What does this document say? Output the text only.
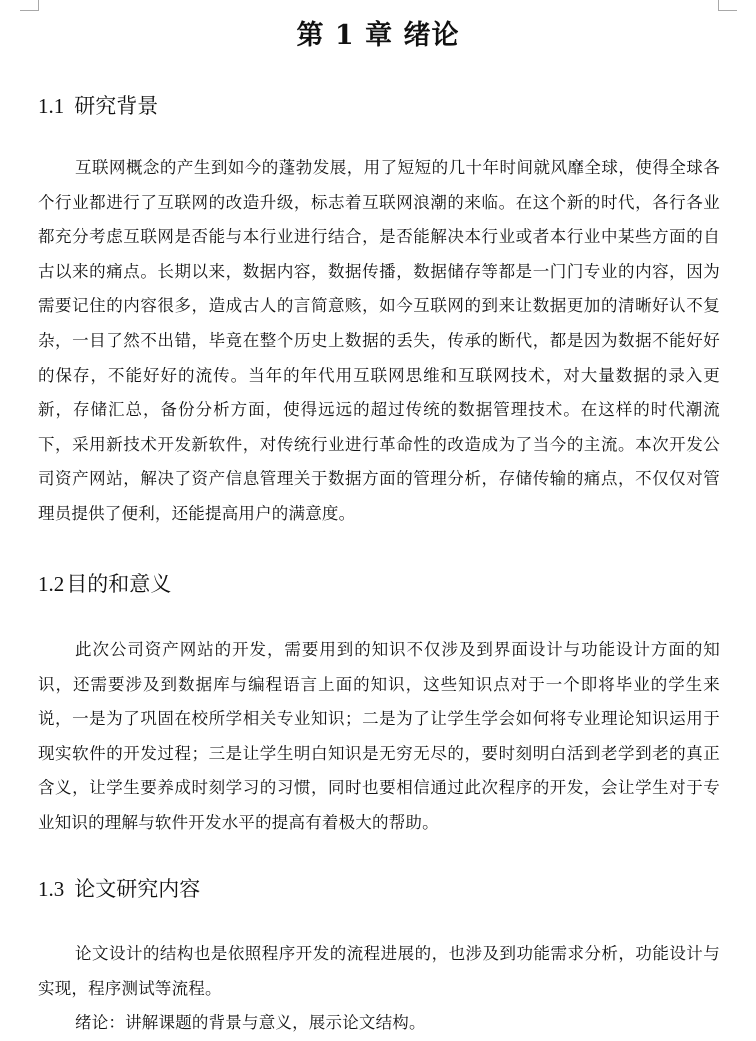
第 1 章 绪论
1.1 研究背景

互联网概念的产生到如今的蓬勃发展，用了短短的几十年时间就风靡全球，使得全球各个行业都进行了互联网的改造升级，标志着互联网浪潮的来临。在这个新的时代，各行各业都充分考虑互联网是否能与本行业进行结合，是否能解决本行业或者本行业中某些方面的自古以来的痛点。长期以来，数据内容，数据传播，数据储存等都是一门门专业的内容，因为需要记住的内容很多，造成古人的言简意赅，如今互联网的到来让数据更加的清晰好认不复杂，一目了然不出错，毕竟在整个历史上数据的丢失，传承的断代，都是因为数据不能好好的保存，不能好好的流传。当年的年代用互联网思维和互联网技术，对大量数据的录入更新，存储汇总，备份分析方面，使得远远的超过传统的数据管理技术。在这样的时代潮流下，采用新技术开发新软件，对传统行业进行革命性的改造成为了当今的主流。本次开发公司资产网站，解决了资产信息管理关于数据方面的管理分析，存储传输的痛点，不仅仅对管理员提供了便利，还能提高用户的满意度。

1.2目的和意义

此次公司资产网站的开发，需要用到的知识不仅涉及到界面设计与功能设计方面的知识，还需要涉及到数据库与编程语言上面的知识，这些知识点对于一个即将毕业的学生来说，一是为了巩固在校所学相关专业知识；二是为了让学生学会如何将专业理论知识运用于现实软件的开发过程；三是让学生明白知识是无穷无尽的，要时刻明白活到老学到老的真正含义，让学生要养成时刻学习的习惯，同时也要相信通过此次程序的开发，会让学生对于专业知识的理解与软件开发水平的提高有着极大的帮助。

1.3 论文研究内容

论文设计的结构也是依照程序开发的流程进展的，也涉及到功能需求分析，功能设计与实现，程序测试等流程。

绪论：讲解课题的背景与意义，展示论文结构。
